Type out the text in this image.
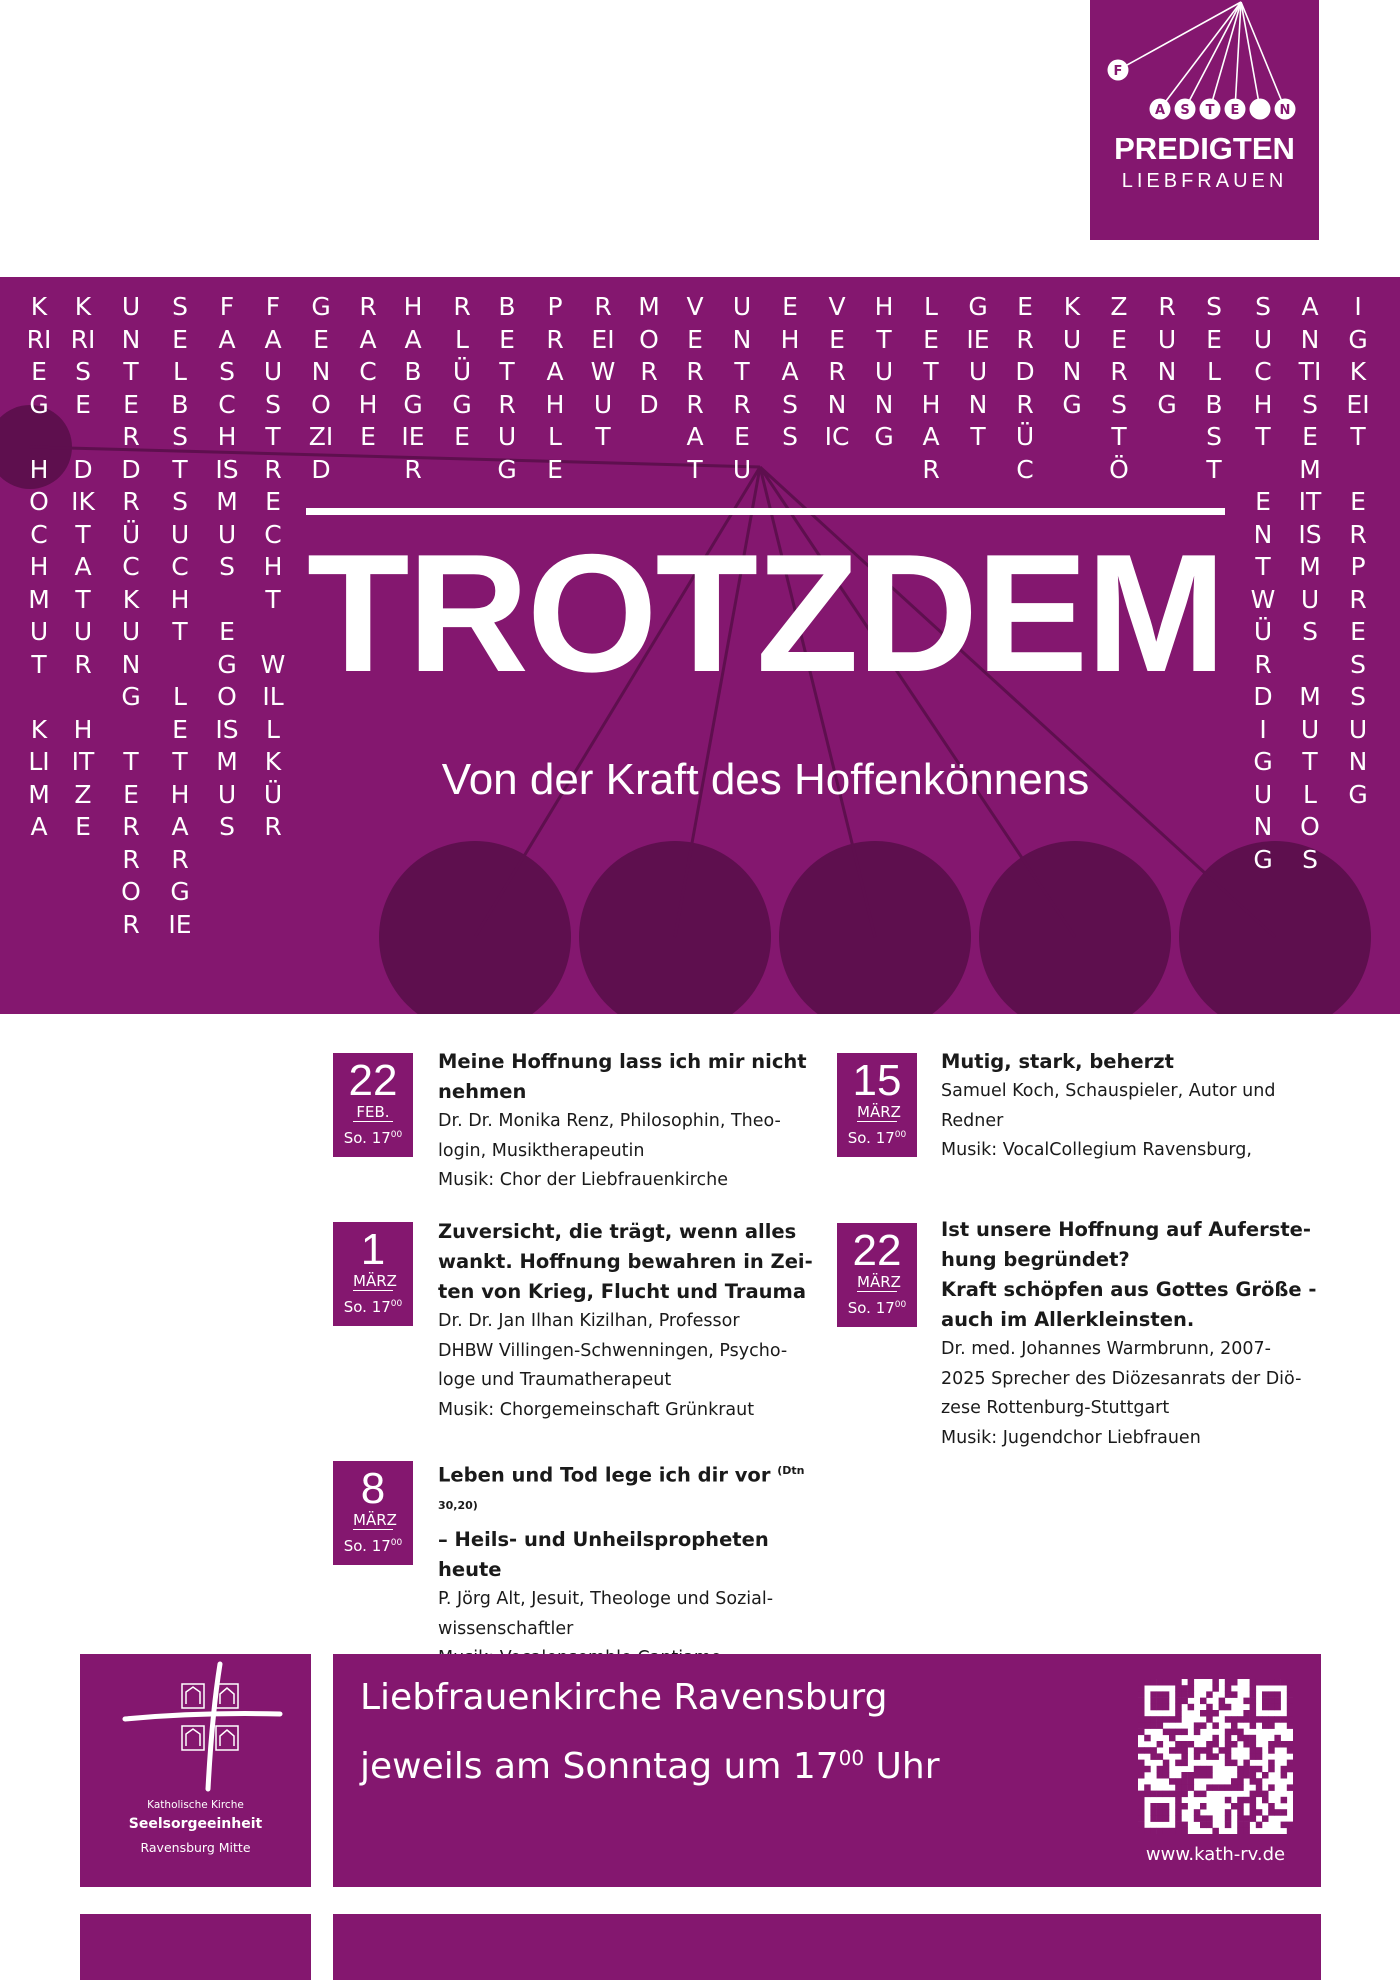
F
A S T E	N
PREDIGTEN
LIEBFRAUEN
KRIEG
HOCHMUT
KLIMA
KRISE
DIKTATUR
HITZE
UNTERDRÜCKUNG
TERROR
SELBSTSUCHT
LETHARGIE
FASCHISMUS
EGOISMUS
FAUSTRECHT
WILLKÜR
GENOZID
RACHE
HABGIER
R
LÜGE
BETRUG
PRAHLE
REI
WUT
MORD
VERRAT
UNTREU
E
HASS
VERNIC
HTUNG
LETHAR
GIE
UNT
ERDRÜC
KUNG
ZERSTÖ
RUNG
SELBST
SUCHT
ENTWÜRDIGUNG
ANTISEMITISMUS
MUTLOS
IGKEIT
ERPRESSUNG
TROTZDEM
Von der Kraft des Hoffenkönnens
22
FEB.
So. $17^{00}$
Meine Hoffnung lass ich mir nicht
nehmen
Dr. Dr. Monika Renz, Philosophin, Theo-
login, Musiktherapeutin
Musik: Chor der Liebfrauenkirche
1
MÄRZ
So. $17^{00}$
Zuversicht, die trägt, wenn alles
wankt. Hoffnung bewahren in Zei-
ten von Krieg, Flucht und Trauma
Dr. Dr. Jan Ilhan Kizilhan, Professor
DHBW Villingen-Schwenningen, Psycho-
loge und Traumatherapeut
Musik: Chorgemeinschaft Grünkraut
8
MÄRZ
So. $17^{00}$
Leben und Tod lege ich dir vor $^{(Dtn 30,20)}$
– Heils- und Unheilspropheten heute
P. Jörg Alt, Jesuit, Theologe und Sozial-
wissenschaftler
15
MÄRZ
So. $17^{00}$
Mutig, stark, beherzt
Samuel Koch, Schauspieler, Autor und
Redner
Musik: VocalCollegium Ravensburg,
22
MÄRZ
So. $17^{00}$
Ist unsere Hoffnung auf Auferste-
hung begründet?
Kraft schöpfen aus Gottes Größe -
auch im Allerkleinsten.
Dr. med. Johannes Warmbrunn, 2007-
2025 Sprecher des Diözesanrats der Diö-
zese Rottenburg-Stuttgart
Musik: Jugendchor Liebfrauen
Katholische Kirche
Seelsorgeeinheit
Ravensburg Mitte
Liebfrauenkirche Ravensburg
jeweils am Sonntag um $17^{00}$ Uhr
www.kath-rv.de
